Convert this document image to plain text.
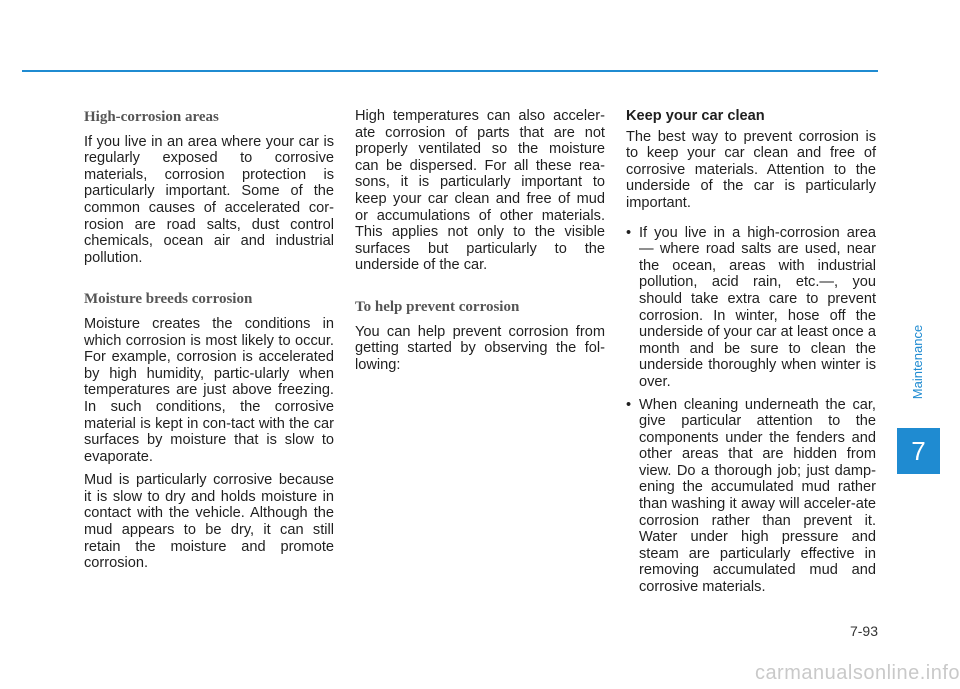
High-corrosion areas

If you live in an area where your car is regularly exposed to corrosive materials, corrosion protection is particularly important. Some of the common causes of accelerated cor-rosion are road salts, dust control chemicals, ocean air and industrial pollution.

Moisture breeds corrosion

Moisture creates the conditions in which corrosion is most likely to occur. For example, corrosion is accelerated by high humidity, partic-ularly when temperatures are just above freezing. In such conditions, the corrosive material is kept in con-tact with the car surfaces by moisture that is slow to evaporate.

Mud is particularly corrosive because it is slow to dry and holds moisture in contact with the vehicle. Although the mud appears to be dry, it can still retain the moisture and promote corrosion.

High temperatures can also acceler-ate corrosion of parts that are not properly ventilated so the moisture can be dispersed. For all these rea-sons, it is particularly important to keep your car clean and free of mud or accumulations of other materials. This applies not only to the visible surfaces but particularly to the underside of the car.

To help prevent corrosion

You can help prevent corrosion from getting started by observing the fol-lowing:

Keep your car clean

The best way to prevent corrosion is to keep your car clean and free of corrosive materials. Attention to the underside of the car is particularly important.

• If you live in a high-corrosion area — where road salts are used, near the ocean, areas with industrial pollution, acid rain, etc.—, you should take extra care to prevent corrosion. In winter, hose off the underside of your car at least once a month and be sure to clean the underside thoroughly when winter is over.
• When cleaning underneath the car, give particular attention to the components under the fenders and other areas that are hidden from view. Do a thorough job; just damp-ening the accumulated mud rather than washing it away will acceler-ate corrosion rather than prevent it. Water under high pressure and steam are particularly effective in removing accumulated mud and corrosive materials.
Maintenance
7
7-93
carmanualsonline.info
